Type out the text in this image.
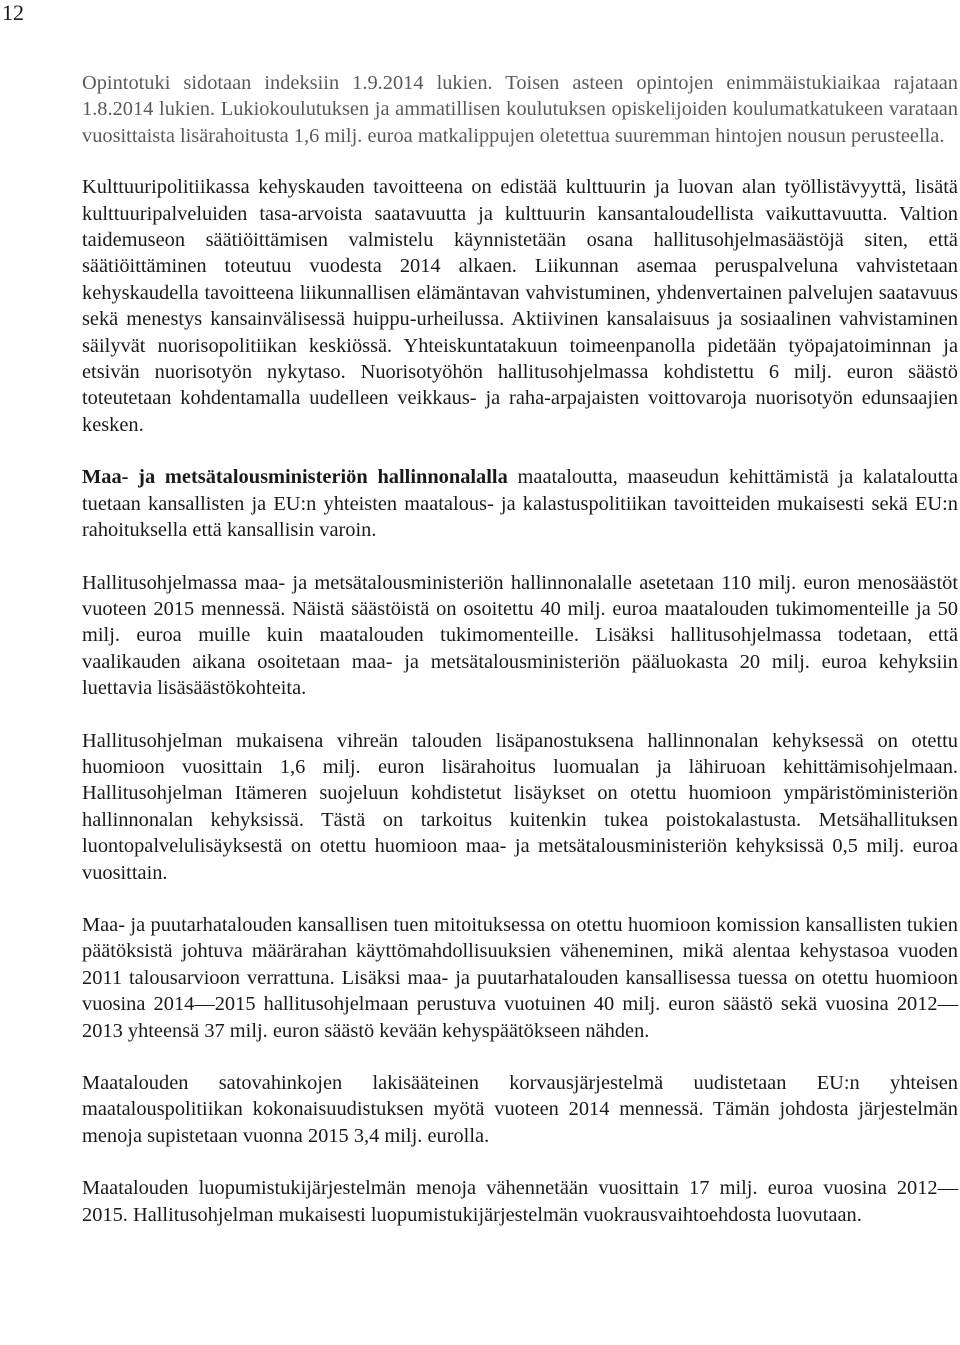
12

Opintotuki sidotaan indeksiin 1.9.2014 lukien. Toisen asteen opintojen enimmäistukiaikaa rajataan 1.8.2014 lukien. Lukiokoulutuksen ja ammatillisen koulutuksen opiskelijoiden koulumatkatukeen varataan vuosittaista lisärahoitusta 1,6 milj. euroa matkalippujen oletettua suuremman hintojen nousun perusteella.

Kulttuuripolitiikassa kehyskauden tavoitteena on edistää kulttuurin ja luovan alan työllistävyyttä, lisätä kulttuuripalveluiden tasa-arvoista saatavuutta ja kulttuurin kansantaloudellista vaikuttavuutta. Valtion taidemuseon säätiöittämisen valmistelu käynnistetään osana hallitusohjelmasäästöjä siten, että säätiöittäminen toteutuu vuodesta 2014 alkaen. Liikunnan asemaa peruspalveluna vahvistetaan kehyskaudella tavoitteena liikunnallisen elämäntavan vahvistuminen, yhdenvertainen palvelujen saatavuus sekä menestys kansainvälisessä huippu-urheilussa. Aktiivinen kansalaisuus ja sosiaalinen vahvistaminen säilyvät nuorisopolitiikan keskiössä. Yhteiskuntatakuun toimeenpanolla pidetään työpajatoiminnan ja etsivän nuorisotyön nykytaso. Nuorisotyöhön hallitusohjelmassa kohdistettu 6 milj. euron säästö toteutetaan kohdentamalla uudelleen veikkaus- ja raha-arpajaisten voittovaroja nuorisotyön edunsaajien kesken.

Maa- ja metsätalousministeriön hallinnonalalla maataloutta, maaseudun kehittämistä ja kalataloutta tuetaan kansallisten ja EU:n yhteisten maatalous- ja kalastuspolitiikan tavoitteiden mukaisesti sekä EU:n rahoituksella että kansallisin varoin.

Hallitusohjelmassa maa- ja metsätalousministeriön hallinnonalalle asetetaan 110 milj. euron menosäästöt vuoteen 2015 mennessä. Näistä säästöistä on osoitettu 40 milj. euroa maatalouden tukimomenteille ja 50 milj. euroa muille kuin maatalouden tukimomenteille. Lisäksi hallitusohjelmassa todetaan, että vaalikauden aikana osoitetaan maa- ja metsätalousministeriön pääluokasta 20 milj. euroa kehyksiin luettavia lisäsäästökohteita.

Hallitusohjelman mukaisena vihreän talouden lisäpanostuksena hallinnonalan kehyksessä on otettu huomioon vuosittain 1,6 milj. euron lisärahoitus luomualan ja lähiruoan kehittämisohjelmaan. Hallitusohjelman Itämeren suojeluun kohdistetut lisäykset on otettu huomioon ympäristöministeriön hallinnonalan kehyksissä. Tästä on tarkoitus kuitenkin tukea poistokalastusta. Metsähallituksen luontopalvelulisäyksestä on otettu huomioon maa- ja metsätalousministeriön kehyksissä 0,5 milj. euroa vuosittain.

Maa- ja puutarhatalouden kansallisen tuen mitoituksessa on otettu huomioon komission kansallisten tukien päätöksistä johtuva määrärahan käyttömahdollisuuksien väheneminen, mikä alentaa kehystasoa vuoden 2011 talousarvioon verrattuna. Lisäksi maa- ja puutarhatalouden kansallisessa tuessa on otettu huomioon vuosina 2014—2015 hallitusohjelmaan perustuva vuotuinen 40 milj. euron säästö sekä vuosina 2012—2013 yhteensä 37 milj. euron säästö kevään kehyspäätökseen nähden.

Maatalouden satovahinkojen lakisääteinen korvausjärjestelmä uudistetaan EU:n yhteisen maatalouspolitiikan kokonaisuudistuksen myötä vuoteen 2014 mennessä. Tämän johdosta järjestelmän menoja supistetaan vuonna 2015 3,4 milj. eurolla.

Maatalouden luopumistukijärjestelmän menoja vähennetään vuosittain 17 milj. euroa vuosina 2012—2015. Hallitusohjelman mukaisesti luopumistukijärjestelmän vuokrausvaihtoehdosta luovutaan.
